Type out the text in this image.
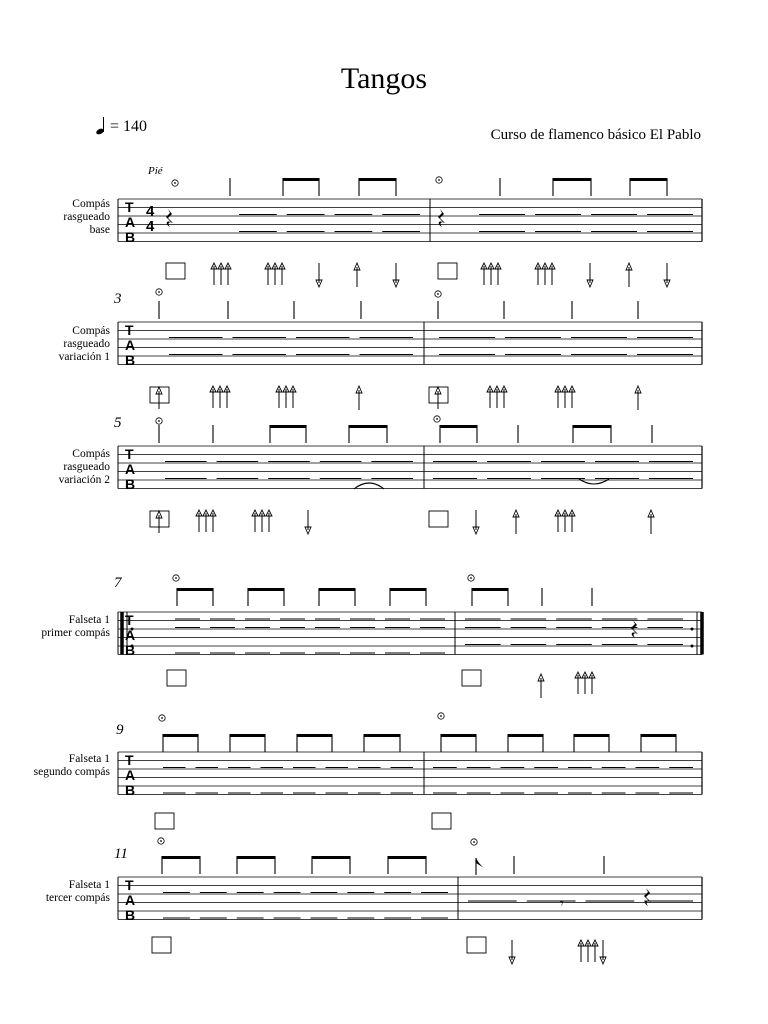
Tangos
= 140	Curso de flamenco básico El Pablo
Pié
Compás
rasgueado
base
Compás
rasgueado
variación 1
Compás
rasgueado
variación 2
Falseta 1
primer compás
Falseta 1
segundo compás
Falseta 1
tercer compás
3
5
7
9
11
T
A
B
4
4
T
A
B
T
A
B
T
A
B
T
A
B
T
A
B
𝄾
